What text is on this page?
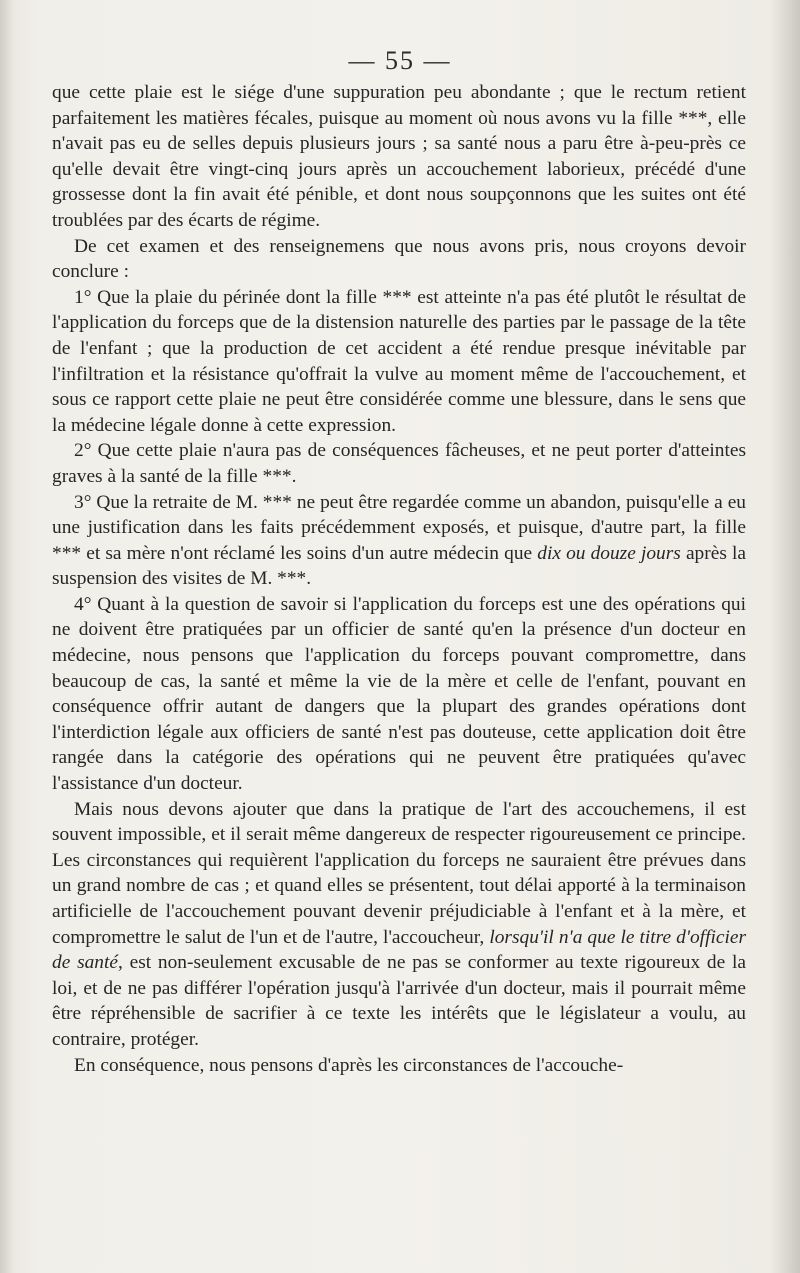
— 55 —

que cette plaie est le siége d'une suppuration peu abondante ; que le rectum retient parfaitement les matières fécales, puisque au moment où nous avons vu la fille ***, elle n'avait pas eu de selles depuis plusieurs jours ; sa santé nous a paru être à-peu-près ce qu'elle devait être vingt-cinq jours après un accouchement laborieux, précédé d'une grossesse dont la fin avait été pénible, et dont nous soupçonnons que les suites ont été troublées par des écarts de régime.

De cet examen et des renseignemens que nous avons pris, nous croyons devoir conclure :

1° Que la plaie du périnée dont la fille *** est atteinte n'a pas été plutôt le résultat de l'application du forceps que de la distension naturelle des parties par le passage de la tête de l'enfant ; que la production de cet accident a été rendue presque inévitable par l'infiltration et la résistance qu'offrait la vulve au moment même de l'accouchement, et sous ce rapport cette plaie ne peut être considérée comme une blessure, dans le sens que la médecine légale donne à cette expression.

2° Que cette plaie n'aura pas de conséquences fâcheuses, et ne peut porter d'atteintes graves à la santé de la fille ***.

3° Que la retraite de M. *** ne peut être regardée comme un abandon, puisqu'elle a eu une justification dans les faits précédemment exposés, et puisque, d'autre part, la fille *** et sa mère n'ont réclamé les soins d'un autre médecin que dix ou douze jours après la suspension des visites de M. ***.

4° Quant à la question de savoir si l'application du forceps est une des opérations qui ne doivent être pratiquées par un officier de santé qu'en la présence d'un docteur en médecine, nous pensons que l'application du forceps pouvant compromettre, dans beaucoup de cas, la santé et même la vie de la mère et celle de l'enfant, pouvant en conséquence offrir autant de dangers que la plupart des grandes opérations dont l'interdiction légale aux officiers de santé n'est pas douteuse, cette application doit être rangée dans la catégorie des opérations qui ne peuvent être pratiquées qu'avec l'assistance d'un docteur.

Mais nous devons ajouter que dans la pratique de l'art des accouchemens, il est souvent impossible, et il serait même dangereux de respecter rigoureusement ce principe. Les circonstances qui requièrent l'application du forceps ne sauraient être prévues dans un grand nombre de cas ; et quand elles se présentent, tout délai apporté à la terminaison artificielle de l'accouchement pouvant devenir préjudiciable à l'enfant et à la mère, et compromettre le salut de l'un et de l'autre, l'accoucheur, lorsqu'il n'a que le titre d'officier de santé, est non-seulement excusable de ne pas se conformer au texte rigoureux de la loi, et de ne pas différer l'opération jusqu'à l'arrivée d'un docteur, mais il pourrait même être répréhensible de sacrifier à ce texte les intérêts que le législateur a voulu, au contraire, protéger.

En conséquence, nous pensons d'après les circonstances de l'accouche-
